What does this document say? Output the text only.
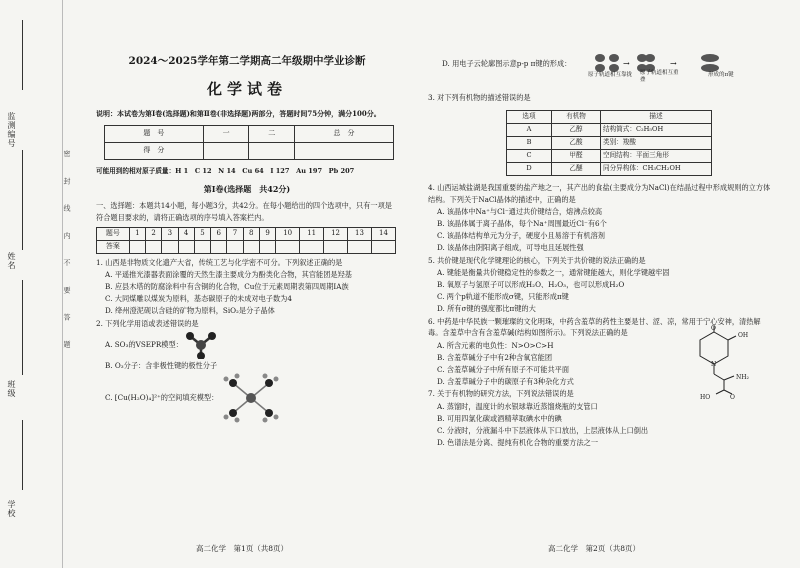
监测编号
姓名
班级
学校
密 封 线 内 不 要 答 题
2024～2025学年第二学期高二年级期中学业诊断
化学试卷
说明：本试卷为第Ⅰ卷(选择题)和第Ⅱ卷(非选择题)两部分，答题时间75分钟，满分100分。
题　号	一	二	总　分
得　分			
可能用到的相对原子质量：H 1　C 12　N 14　Cu 64　I 127　Au 197　Pb 207
第Ⅰ卷(选择题　共42分)
一、选择题：本题共14小题，每小题3分，共42分。在每小题给出的四个选项中，只有一项是符合题目要求的，请将正确选项的序号填入答案栏内。
题号	1	2	3	4	5	6	7	8	9	10	11	12	13	14
答案														
1. 山西是非物质文化遗产大省，传统工艺与化学密不可分。下列叙述正确的是
A. 平遥推光漆器表面涂覆的天然生漆主要成分为酚类化合物，其官能团是羟基
B. 应县木塔的防腐涂料中有含铜的化合物，Cu位于元素周期表第四周期ⅠA族
C. 大同煤雕以煤炭为原料，基态碳原子的未成对电子数为4
D. 绛州澄泥砚以含硅的矿物为原料，SiO₂是分子晶体
2. 下列化学用语或表述错误的是
A. SO₃的VSEPR模型：
B. O₃分子：含非极性键的极性分子
C. [Cu(H₂O)₄]²⁺的空间填充模型：
D. 用电子云轮廓图示意p-p π键的形成：	→	→
原子轨道相互靠拢 原子轨道相互重叠
形成的π键
3. 对下列有机物的描述错误的是
选项	有机物	描述
A	乙醇	结构简式：C₂H₅OH
B	乙酸	类别：羧酸
C	甲醛	空间结构：平面三角形
D	乙醚	同分异构体：CH₃CH₂OH
4. 山西运城盐湖是我国重要的盐产地之一，其产出的食盐(主要成分为NaCl)在结晶过程中形成规则的立方体结构。下列关于NaCl晶体的描述中，正确的是
A. 该晶体中Na⁺与Cl⁻通过共价键结合，熔沸点较高
B. 该晶体属于离子晶体，每个Na⁺周围最近Cl⁻有6个
C. 该晶体结构单元为分子，硬度小且易溶于有机溶剂
D. 该晶体由阴阳离子组成，可导电且延展性强
5. 共价键是现代化学键理论的核心，下列关于共价键的说法正确的是
A. 键能是衡量共价键稳定性的参数之一，通常键能越大，则化学键越牢固
B. 氧原子与氢原子可以形成H₂O、H₂O₃，也可以形成H₂O
C. 两个p轨道不能形成σ键，只能形成π键
D. 所有σ键的强度都比π键的大
6. 中药是中华民族一颗璀璨的文化明珠，中药含羞草的药性主要是甘、涩、凉，常用于宁心安神，清热解毒。含羞草中含有含羞草碱(结构如图所示)。下列说法正确的是
A. 所含元素的电负性：N>O>C>H
B. 含羞草碱分子中有2种含氧官能团
C. 含羞草碱分子中所有原子不可能共平面
D. 含羞草碱分子中的碳原子有3种杂化方式
OH
NH₂
HO	O
O
N
7. 关于有机物的研究方法，下列说法错误的是
A. 蒸馏时，温度计的水银球靠近蒸馏烧瓶的支管口
B. 可用四氯化碳或酒精萃取碘水中的碘
C. 分液时，分液漏斗中下层液体从下口放出，上层液体从上口倒出
D. 色谱法是分离、提纯有机化合物的重要方法之一
高二化学　第1页（共8页）	高二化学　第2页（共8页）
